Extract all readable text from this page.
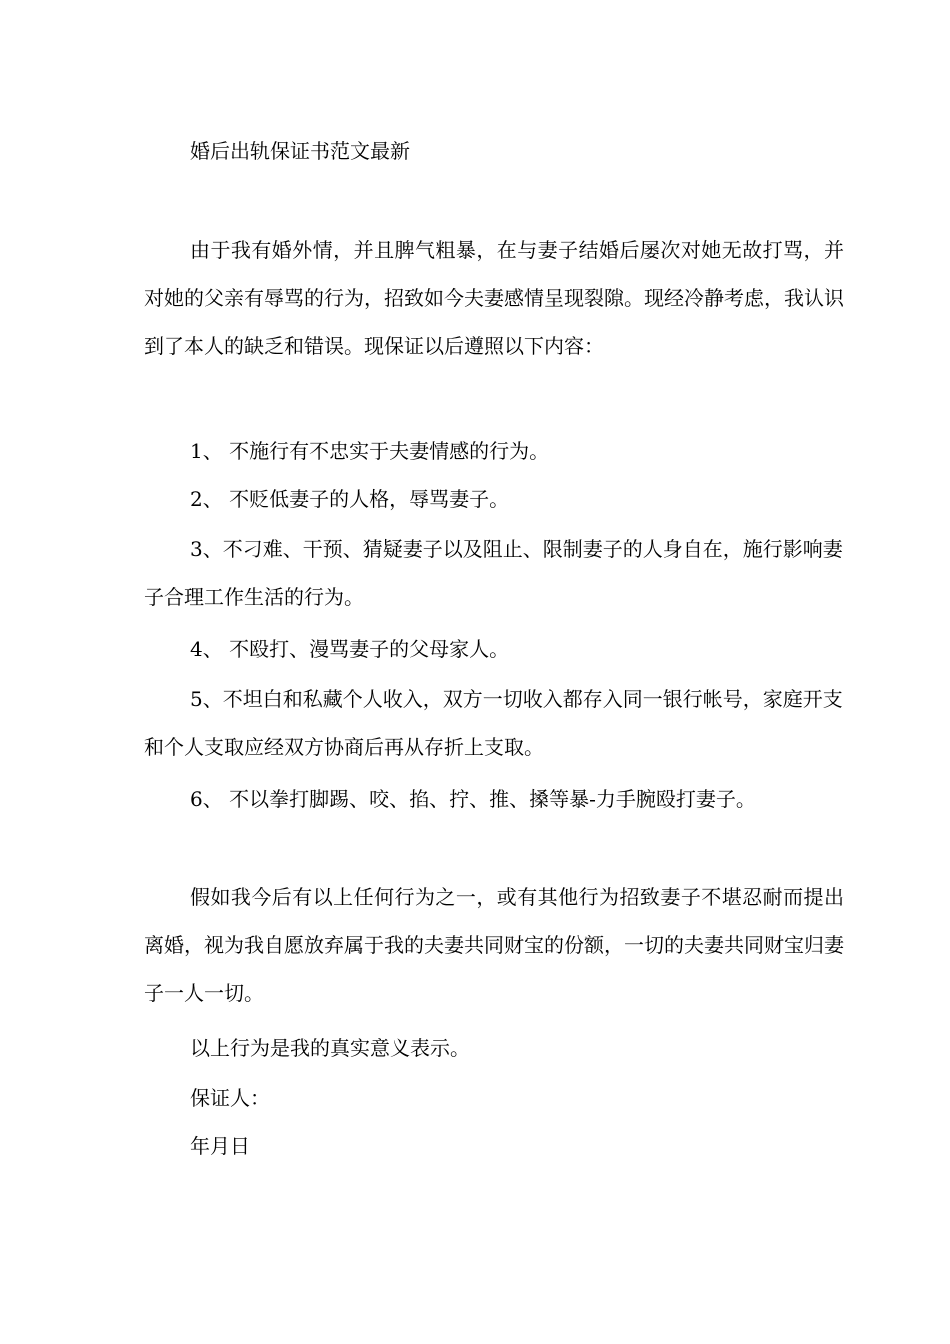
婚后出轨保证书范文最新

由于我有婚外情，并且脾气粗暴，在与妻子结婚后屡次对她无故打骂，并对她的父亲有辱骂的行为，招致如今夫妻感情呈现裂隙。现经冷静考虑，我认识到了本人的缺乏和错误。现保证以后遵照以下内容：

1、 不施行有不忠实于夫妻情感的行为。
2、 不贬低妻子的人格，辱骂妻子。

3、不刁难、干预、猜疑妻子以及阻止、限制妻子的人身自在，施行影响妻子合理工作生活的行为。

4、 不殴打、漫骂妻子的父母家人。

5、不坦白和私藏个人收入，双方一切收入都存入同一银行帐号，家庭开支和个人支取应经双方协商后再从存折上支取。

6、 不以拳打脚踢、咬、掐、拧、推、搡等暴-力手腕殴打妻子。

假如我今后有以上任何行为之一，或有其他行为招致妻子不堪忍耐而提出离婚，视为我自愿放弃属于我的夫妻共同财宝的份额，一切的夫妻共同财宝归妻子一人一切。

以上行为是我的真实意义表示。
保证人：
年月日
